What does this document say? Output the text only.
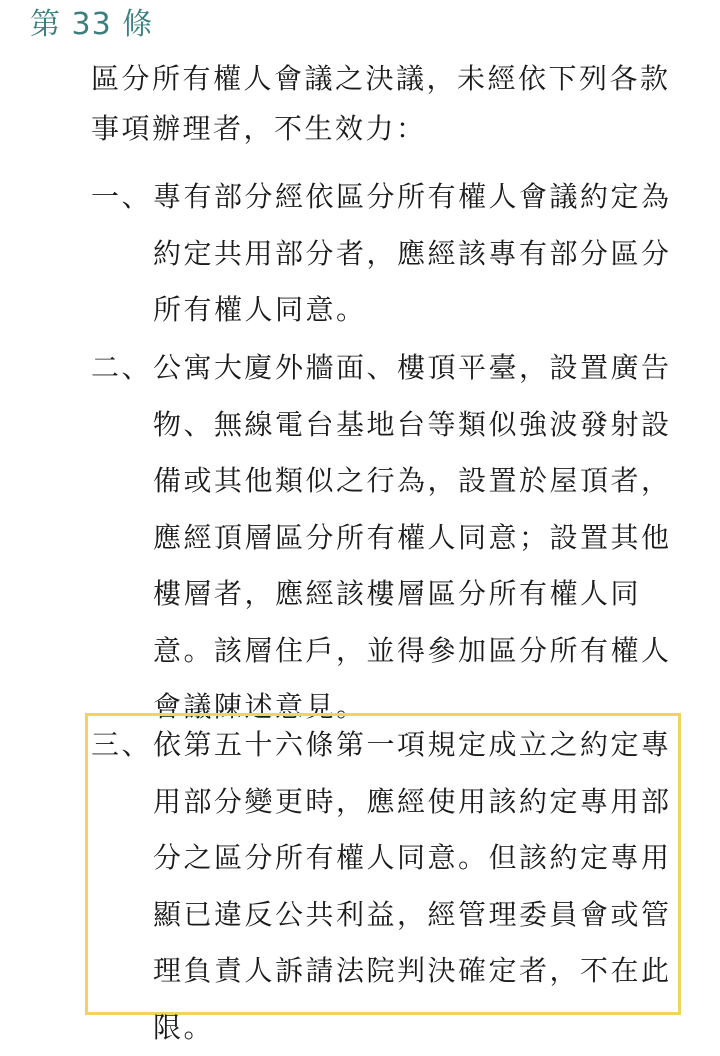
第 33 條
區分所有權人會議之決議，未經依下列各款事項辦理者，不生效力：
一、 專有部分經依區分所有權人會議約定為約定共用部分者，應經該專有部分區分所有權人同意。
二、 公寓大廈外牆面、樓頂平臺，設置廣告物、無線電台基地台等類似強波發射設備或其他類似之行為，設置於屋頂者，應經頂層區分所有權人同意；設置其他樓層者，應經該樓層區分所有權人同意。該層住戶，並得參加區分所有權人會議陳述意見。
三、 依第五十六條第一項規定成立之約定專用部分變更時，應經使用該約定專用部分之區分所有權人同意。但該約定專用顯已違反公共利益，經管理委員會或管理負責人訴請法院判決確定者，不在此限。
